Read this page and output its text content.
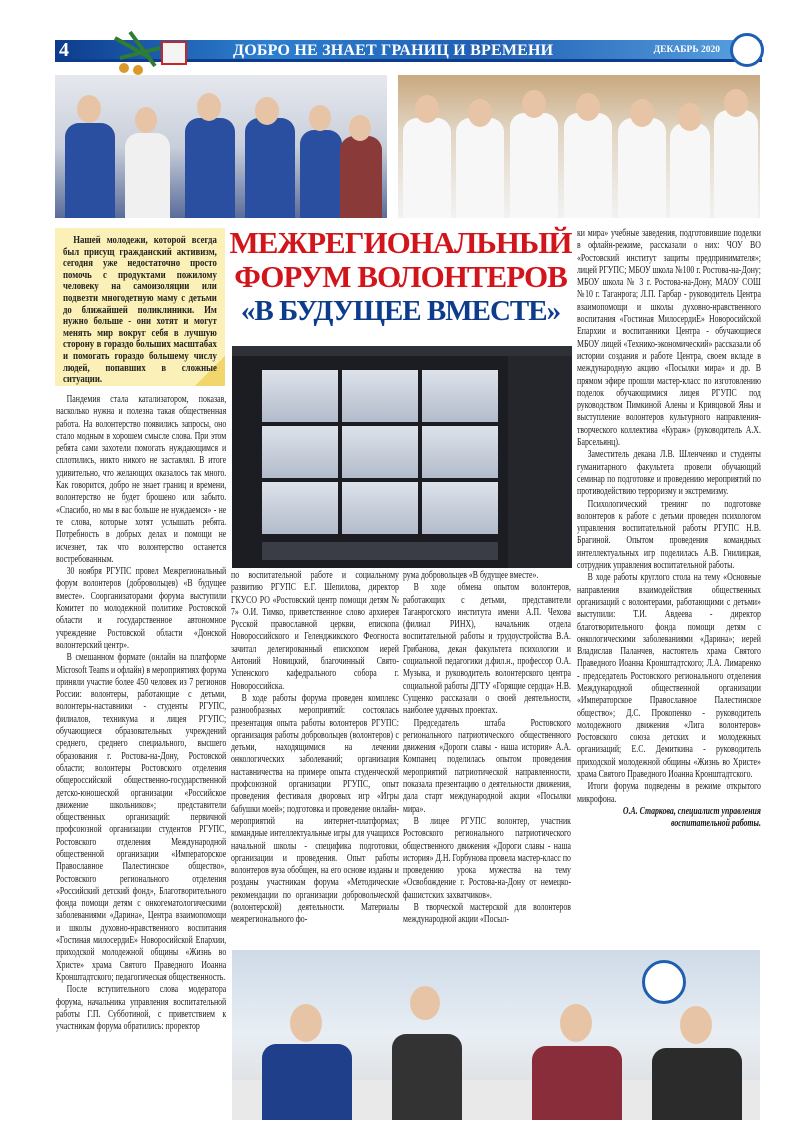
4	ДОБРО НЕ ЗНАЕТ ГРАНИЦ И ВРЕМЕНИ	ДЕКАБРЬ 2020
Нашей молодежи, которой всегда был присущ гражданский активизм, сегодня уже недостаточно просто помочь с продуктами пожилому человеку на самоизоляции или подвезти многодетную маму с детьми до ближайшей поликлиники. Им нужно больше - они хотят и могут менять мир вокруг себя в лучшую сторону в гораздо больших масштабах и помогать гораздо большему числу людей, попавших в сложные ситуации.
МЕЖРЕГИОНАЛЬНЫЙ
ФОРУМ ВОЛОНТЕРОВ
«В БУДУЩЕЕ ВМЕСТЕ»

Пандемия стала катализатором, показав, насколько нужна и полезна такая общественная работа. На волонтерство появились запросы, оно стало модным в хорошем смысле слова. При этом ребята сами захотели помогать нуждающимся и сплотились, никто никого не заставлял. В итоге удивительно, что желающих оказалось так много. Как говорится, добро не знает границ и времени, волонтерство не будет брошено или забыто. «Спасибо, но мы в вас больше не нуждаемся» - не те слова, которые хотят услышать ребята. Потребность в добрых делах и помощи не исчезнет, так что волонтерство останется востребованным.

30 ноября РГУПС провел Межрегиональный форум волонтеров (добровольцев) «В будущее вместе». Соорганизаторами форума выступили Комитет по молодежной политике Ростовской области и государственное автономное учреждение Ростовской области «Донской волонтерский центр».

В смешанном формате (онлайн на платформе Microsoft Teams и офлайн) в мероприятиях форума приняли участие более 450 человек из 7 регионов России: волонтеры, работающие с детьми, волонтеры-наставники - студенты РГУПС, филиалов, техникума и лицея РГУПС; обучающиеся образовательных учреждений среднего, среднего специального, высшего образования г. Ростова-на-Дону, Ростовской области; волонтеры Ростовского отделения общероссийской общественно-государственной детско-юношеской организации «Российское движение школьников»; представители общественных организаций: первичной профсоюзной организации студентов РГУПС, Ростовского отделения Международной общественной организации «Императорское Православное Палестинское общество», Ростовского регионального отделения «Российский детский фонд», Благотворительного фонда помощи детям с онкогематологическими заболеваниями «Дарина», Центра взаимопомощи и школы духовно-нравственного воспитания «Гостиная милосердиЕ» Новоросийской Епархии, приходской молодежной общины «Жизнь во Христе» храма Святого Праведного Иоанна Кронштадтского; педагогическая общественность.

После вступительного слова модератора форума, начальника управления воспитательной работы Г.П. Субботиной, с приветствием к участникам форума обратились: проректор

по воспитательной работе и социальному развитию РГУПС Е.Г. Шепилова, директор ГКУСО РО «Ростовский центр помощи детям № 7» О.И. Тимко, приветственное слово архиерея Русской православной церкви, епископа Новороссийского и Геленджикского Феогноста зачитал делегированный епископом иерей Антоний Новицкий, благочинный Свято-Успенского кафедрального собора г. Новороссийска.

В ходе работы форума проведен комплекс разнообразных мероприятий: состоялась презентация опыта работы волонтеров РГУПС: организация работы добровольцев (волонтеров) с детьми, находящимися на лечении онкологических заболеваний; организация наставничества на примере опыта студенческой профсоюзной организации РГУПС, опыт проведения фестиваля дворовых игр «Игры бабушки моей»; подготовка и проведение онлайн-мероприятий на интернет-платформах; командные интеллектуальные игры для учащихся начальной школы - специфика подготовки, организации и проведения. Опыт работы волонтеров вуза обобщен, на его основе изданы и розданы участникам форума «Методические рекомендации по организации добровольческой (волонтерской) деятельности. Материалы межрегионального фо-

рума добровольцев «В будущее вместе».

В ходе обмена опытом волонтеров, работающих с детьми, представители Таганрогского института имени А.П. Чехова (филиал РИНХ), начальник отдела воспитательной работы и трудоустройства В.А. Грибанова, декан факультета психологии и социальной педагогики д.фил.н., профессор О.А. Музыка, и руководитель волонтерского центра социальной работы ДГТУ «Горящие сердца» Н.В. Сущенко рассказали о своей деятельности, наиболее удачных проектах.

Председатель штаба Ростовского регионального патриотического общественного движения «Дороги славы - наша история» А.А. Компанец поделилась опытом проведения мероприятий патриотической направленности, показала презентацию о деятельности движения, дала старт международной акции «Посылки мира».

В лицее РГУПС волонтер, участник Ростовского регионального патриотического общественного движения «Дороги славы - наша история» Д.Н. Горбунова провела мастер-класс по проведению урока мужества на тему «Освобождение г. Ростова-на-Дону от немецко-фашистских захватчиков».

В творческой мастерской для волонтеров международной акции «Посыл-

ки мира» учебные заведения, подготовившие поделки в офлайн-режиме, рассказали о них: ЧОУ ВО «Ростовский институт защиты предпринимателя»; лицей РГУПС; МБОУ школа №100 г. Ростова-на-Дону; МБОУ школа № 3 г. Ростова-на-Дону, МАОУ СОШ №10 г. Таганрога; Л.П. Гарбар - руководитель Центра взаимопомощи и школы духовно-нравственного воспитания «Гостиная МилосердиЕ» Новоросийской Епархии и воспитанники Центра - обучающиеся МБОУ лицей «Технико-экономический» рассказали об истории создания и работе Центра, своем вкладе в международную акцию «Посылки мира» и др. В прямом эфире прошли мастер-класс по изготовлению поделок обучающимися лицея РГУПС под руководством Пимкиной Алены и Кривцовой Яны и выступление волонтеров культурного направления-творческого коллектива «Кураж» (руководитель А.Х. Барсельянц).

Заместитель декана Л.В. Шленченко и студенты гуманитарного факультета провели обучающий семинар по подготовке и проведению мероприятий по противодействию терроризму и экстремизму.

Психологический тренинг по подготовке волонтеров к работе с детьми проведен психологом управления воспитательной работы РГУПС Н.В. Брагиной. Опытом проведения командных интеллектуальных игр поделилась А.В. Гнилицкая, сотрудник управления воспитательной работы.

В ходе работы круглого стола на тему «Основные направления взаимодействия общественных организаций с волонтерами, работающими с детьми» выступили: Т.И. Авдеева - директор благотворительного фонда помощи детям с онкологическими заболеваниями «Дарина»; иерей Владислав Паланчев, настоятель храма Святого Праведного Иоанна Кронштадтского; Л.А. Лимаренко - председатель Ростовского регионального отделения Международной общественной организации «Императорское Православное Палестинское общество»; Д.С. Прокопенко - руководитель молодежного движения «Лига волонтеров» Ростовского союза детских и молодежных организаций; Е.С. Демиткина - руководитель приходской молодежной общины «Жизнь во Христе» храма Святого Праведного Иоанна Кронштадтского.

Итоги форума подведены в режиме открытого микрофона.

О.А. Старкова, специалист управления воспитательной работы.
